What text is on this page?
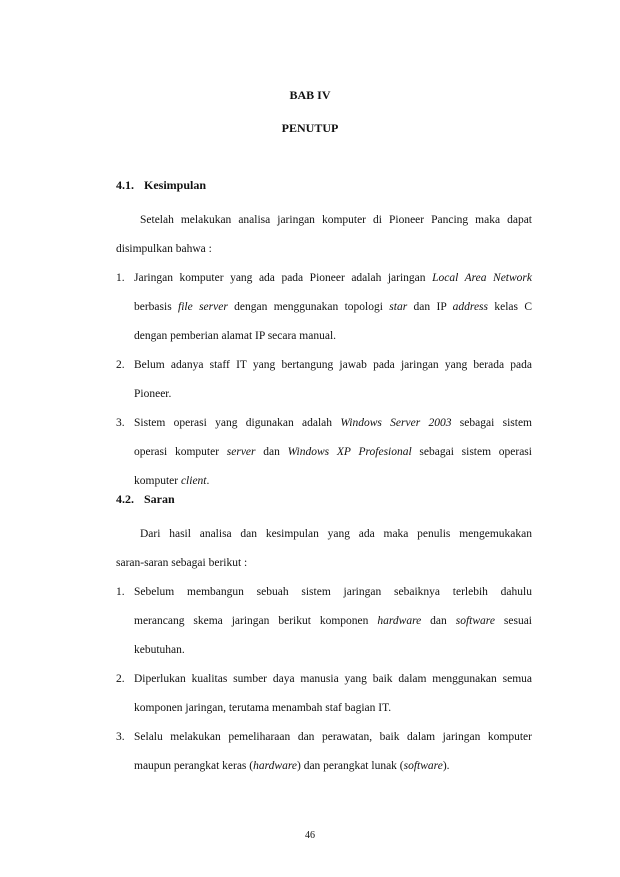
BAB IV
PENUTUP
4.1. Kesimpulan
Setelah melakukan analisa jaringan komputer di Pioneer Pancing maka dapat
disimpulkan bahwa :
1. Jaringan komputer yang ada pada Pioneer adalah jaringan Local Area Network
berbasis file server dengan menggunakan topologi star dan IP address kelas C
dengan pemberian alamat IP secara manual.
2. Belum adanya staff IT yang bertangung jawab pada jaringan yang berada pada
Pioneer.
3. Sistem operasi yang digunakan adalah Windows Server 2003 sebagai sistem
operasi komputer server dan Windows XP Profesional sebagai sistem operasi
komputer client.
4.2. Saran
Dari hasil analisa dan kesimpulan yang ada maka penulis mengemukakan
saran-saran sebagai berikut :
1. Sebelum membangun sebuah sistem jaringan sebaiknya terlebih dahulu
merancang skema jaringan berikut komponen hardware dan software sesuai
kebutuhan.
2. Diperlukan kualitas sumber daya manusia yang baik dalam menggunakan semua
komponen jaringan, terutama menambah staf bagian IT.
3. Selalu melakukan pemeliharaan dan perawatan, baik dalam jaringan komputer
maupun perangkat keras (hardware) dan perangkat lunak (software).
46
